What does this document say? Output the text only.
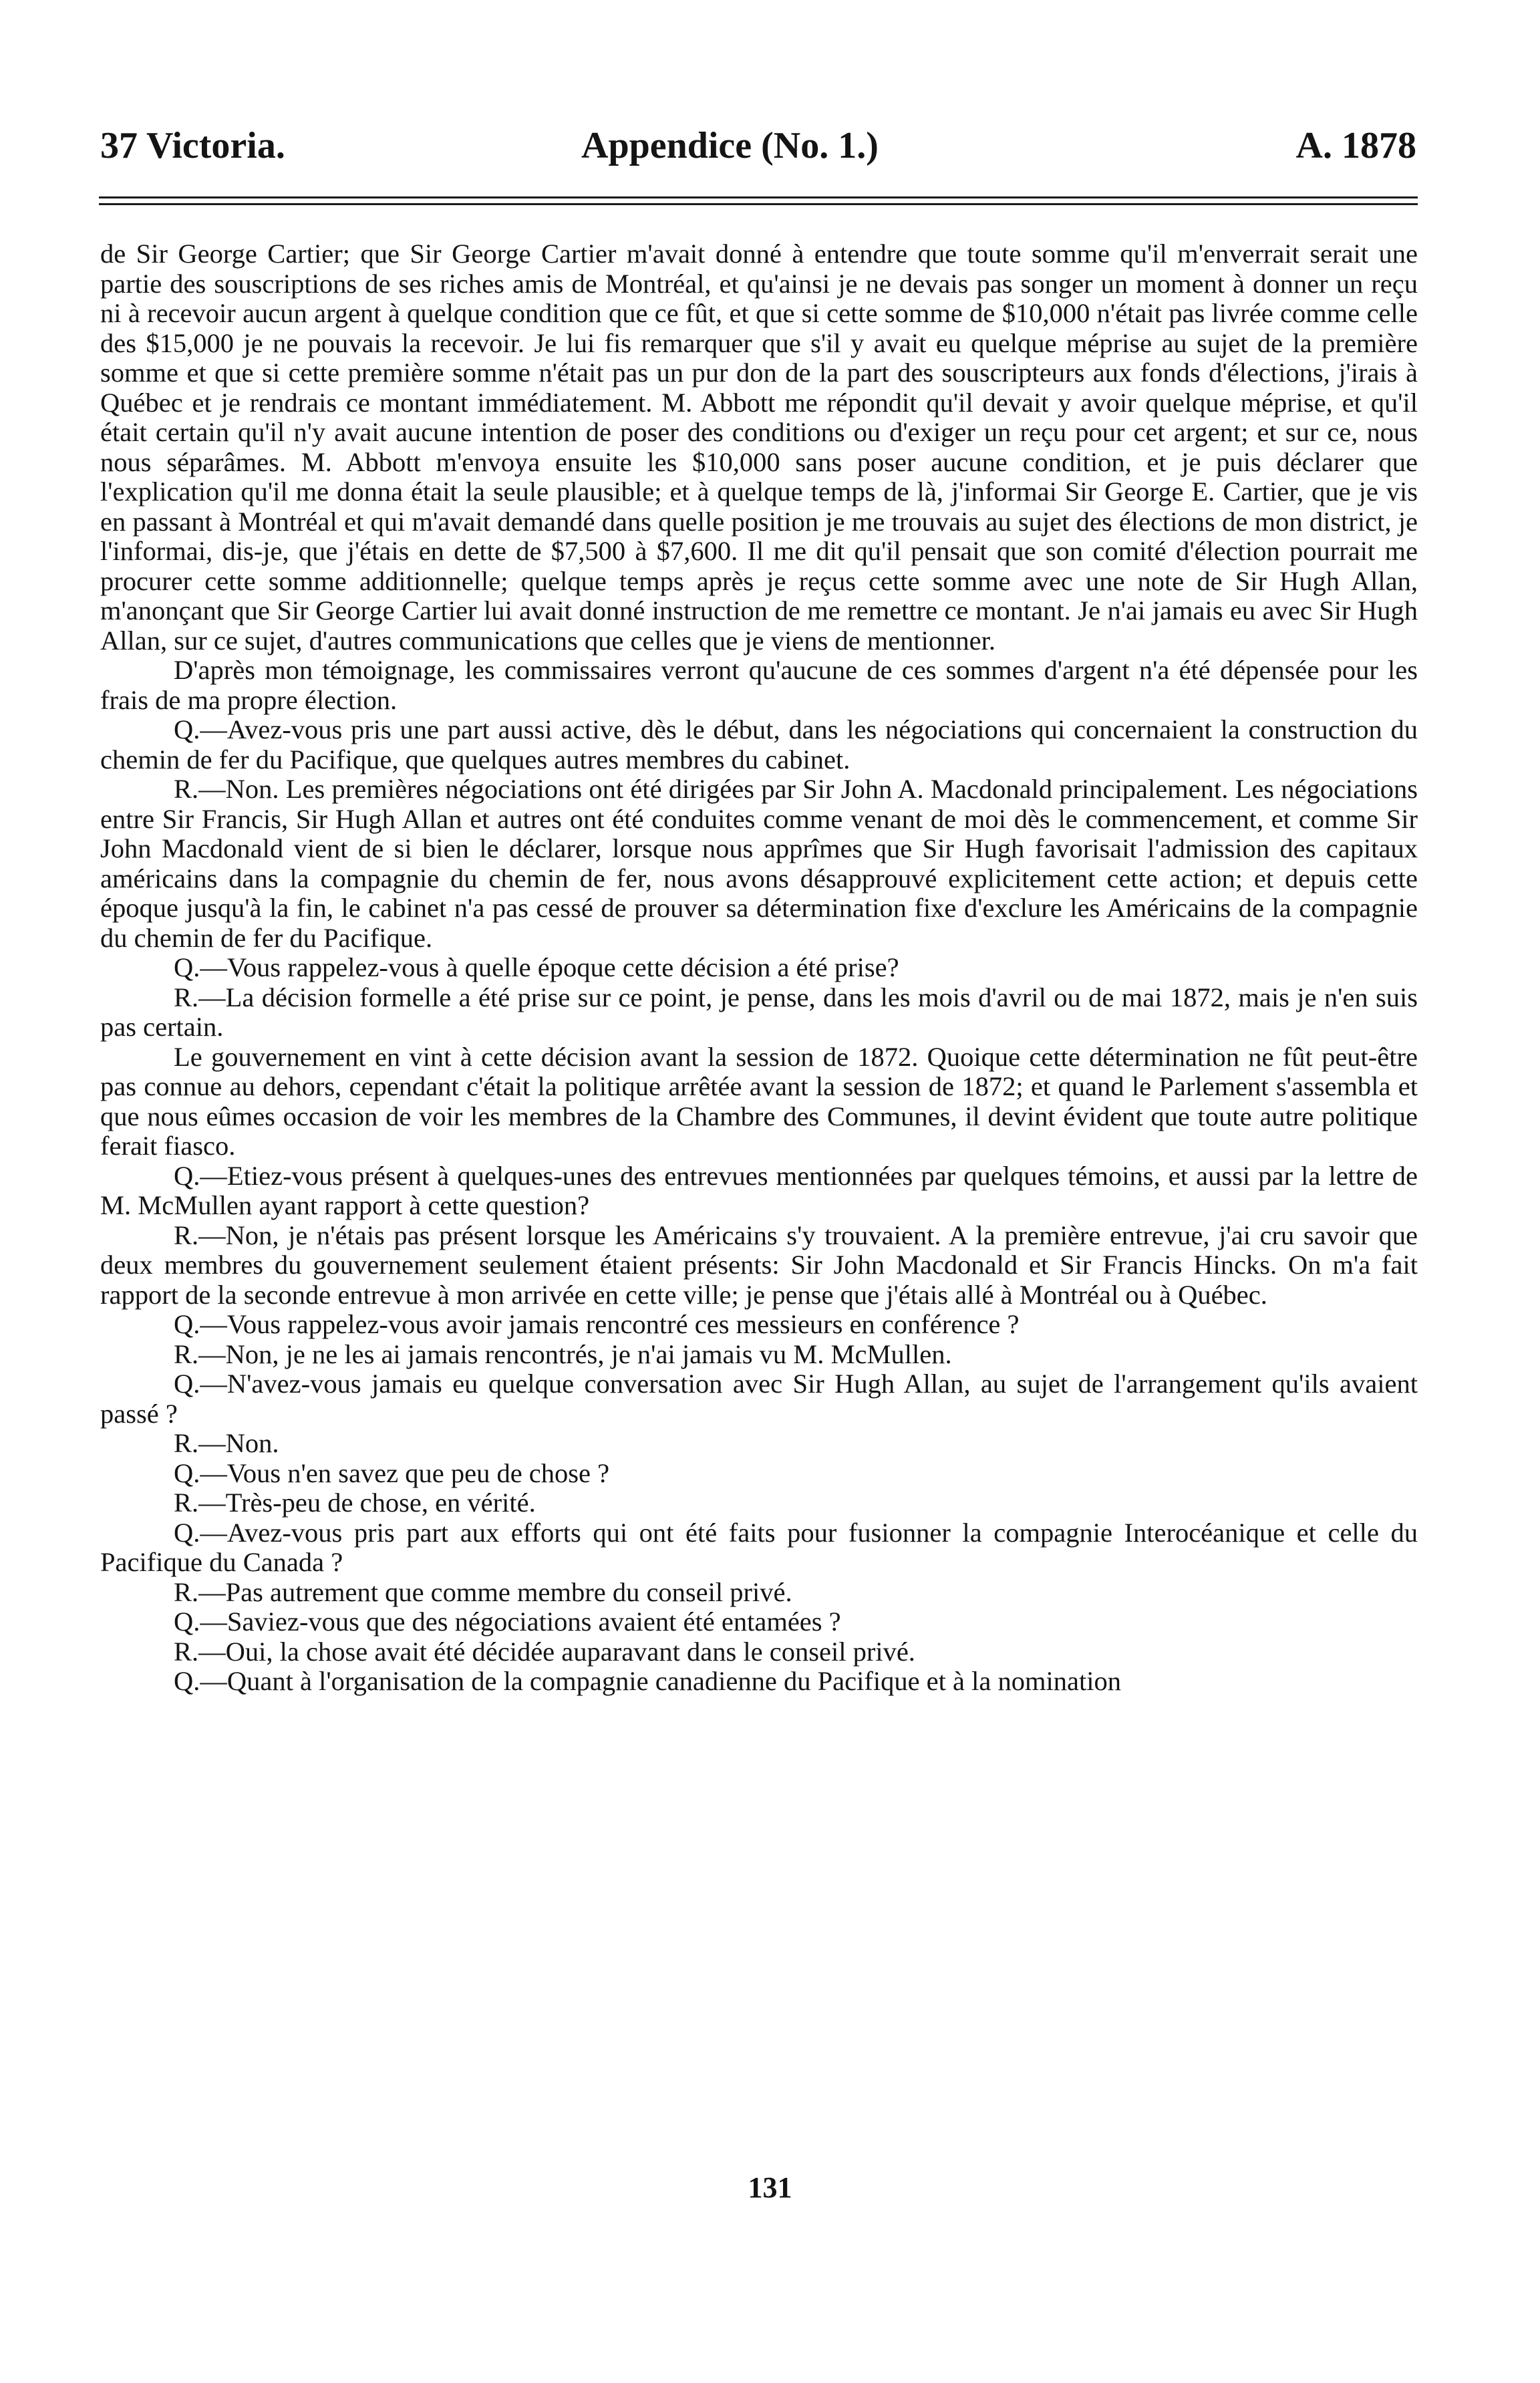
37 Victoria.	Appendice (No. 1.)	A. 1878

de Sir George Cartier; que Sir George Cartier m'avait donné à entendre que toute somme qu'il m'enverrait serait une partie des souscriptions de ses riches amis de Montréal, et qu'ainsi je ne devais pas songer un moment à donner un reçu ni à recevoir aucun argent à quelque condition que ce fût, et que si cette somme de $10,000 n'était pas livrée comme celle des $15,000 je ne pouvais la recevoir. Je lui fis remarquer que s'il y avait eu quelque méprise au sujet de la première somme et que si cette première somme n'était pas un pur don de la part des souscripteurs aux fonds d'élections, j'irais à Québec et je rendrais ce montant immédiatement. M. Abbott me répondit qu'il devait y avoir quelque méprise, et qu'il était certain qu'il n'y avait aucune intention de poser des conditions ou d'exiger un reçu pour cet argent; et sur ce, nous nous séparâmes. M. Abbott m'envoya ensuite les $10,000 sans poser aucune condition, et je puis déclarer que l'explication qu'il me donna était la seule plausible; et à quelque temps de là, j'informai Sir George E. Cartier, que je vis en passant à Montréal et qui m'avait demandé dans quelle position je me trouvais au sujet des élections de mon district, je l'informai, dis-je, que j'étais en dette de $7,500 à $7,600. Il me dit qu'il pensait que son comité d'élection pourrait me procurer cette somme additionnelle; quelque temps après je reçus cette somme avec une note de Sir Hugh Allan, m'anonçant que Sir George Cartier lui avait donné instruction de me remettre ce montant. Je n'ai jamais eu avec Sir Hugh Allan, sur ce sujet, d'autres communications que celles que je viens de mentionner.

D'après mon témoignage, les commissaires verront qu'aucune de ces sommes d'argent n'a été dépensée pour les frais de ma propre élection.

Q.—Avez-vous pris une part aussi active, dès le début, dans les négociations qui concernaient la construction du chemin de fer du Pacifique, que quelques autres membres du cabinet.

R.—Non. Les premières négociations ont été dirigées par Sir John A. Macdonald principalement. Les négociations entre Sir Francis, Sir Hugh Allan et autres ont été conduites comme venant de moi dès le commencement, et comme Sir John Macdonald vient de si bien le déclarer, lorsque nous apprîmes que Sir Hugh favorisait l'admission des capitaux américains dans la compagnie du chemin de fer, nous avons désapprouvé explicitement cette action; et depuis cette époque jusqu'à la fin, le cabinet n'a pas cessé de prouver sa détermination fixe d'exclure les Américains de la compagnie du chemin de fer du Pacifique.

Q.—Vous rappelez-vous à quelle époque cette décision a été prise?

R.—La décision formelle a été prise sur ce point, je pense, dans les mois d'avril ou de mai 1872, mais je n'en suis pas certain.

Le gouvernement en vint à cette décision avant la session de 1872. Quoique cette détermination ne fût peut-être pas connue au dehors, cependant c'était la politique arrêtée avant la session de 1872; et quand le Parlement s'assembla et que nous eûmes occasion de voir les membres de la Chambre des Communes, il devint évident que toute autre politique ferait fiasco.

Q.—Etiez-vous présent à quelques-unes des entrevues mentionnées par quelques témoins, et aussi par la lettre de M. McMullen ayant rapport à cette question?

R.—Non, je n'étais pas présent lorsque les Américains s'y trouvaient. A la première entrevue, j'ai cru savoir que deux membres du gouvernement seulement étaient présents: Sir John Macdonald et Sir Francis Hincks. On m'a fait rapport de la seconde entrevue à mon arrivée en cette ville; je pense que j'étais allé à Montréal ou à Québec.

Q.—Vous rappelez-vous avoir jamais rencontré ces messieurs en conférence ?

R.—Non, je ne les ai jamais rencontrés, je n'ai jamais vu M. McMullen.

Q.—N'avez-vous jamais eu quelque conversation avec Sir Hugh Allan, au sujet de l'arrangement qu'ils avaient passé ?

R.—Non.

Q.—Vous n'en savez que peu de chose ?

R.—Très-peu de chose, en vérité.

Q.—Avez-vous pris part aux efforts qui ont été faits pour fusionner la compagnie Interocéanique et celle du Pacifique du Canada ?

R.—Pas autrement que comme membre du conseil privé.

Q.—Saviez-vous que des négociations avaient été entamées ?

R.—Oui, la chose avait été décidée auparavant dans le conseil privé.

Q.—Quant à l'organisation de la compagnie canadienne du Pacifique et à la nomination

131
